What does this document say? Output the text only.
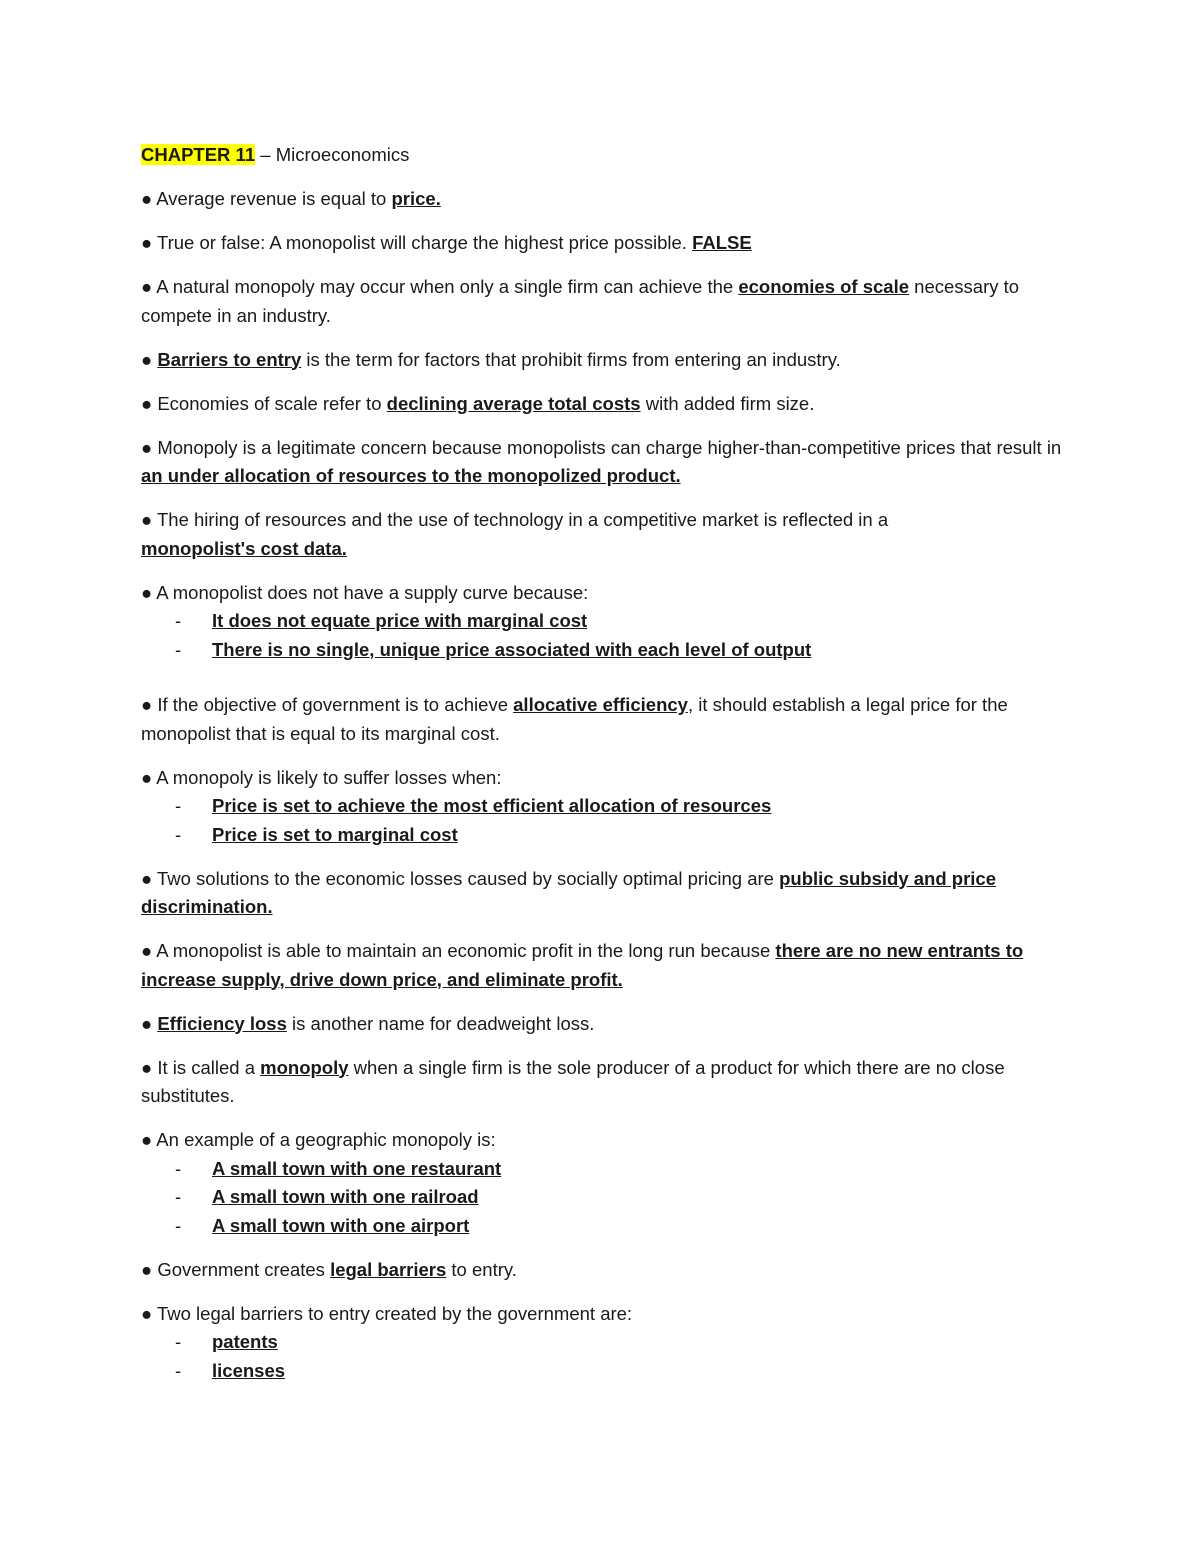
CHAPTER 11 – Microeconomics

● Average revenue is equal to price.

● True or false: A monopolist will charge the highest price possible. FALSE

● A natural monopoly may occur when only a single firm can achieve the economies of scale necessary to compete in an industry.

● Barriers to entry is the term for factors that prohibit firms from entering an industry.

● Economies of scale refer to declining average total costs with added firm size.

● Monopoly is a legitimate concern because monopolists can charge higher-than-competitive prices that result in an under allocation of resources to the monopolized product.

● The hiring of resources and the use of technology in a competitive market is reflected in a
monopolist's cost data.

● A monopolist does not have a supply curve because:

- It does not equate price with marginal cost
- There is no single, unique price associated with each level of output

● If the objective of government is to achieve allocative efficiency, it should establish a legal price for the monopolist that is equal to its marginal cost.

● A monopoly is likely to suffer losses when:

- Price is set to achieve the most efficient allocation of resources
- Price is set to marginal cost

● Two solutions to the economic losses caused by socially optimal pricing are public subsidy and price discrimination.

● A monopolist is able to maintain an economic profit in the long run because there are no new entrants to increase supply, drive down price, and eliminate profit.

● Efficiency loss is another name for deadweight loss.

● It is called a monopoly when a single firm is the sole producer of a product for which there are no close substitutes.

● An example of a geographic monopoly is:

- A small town with one restaurant
- A small town with one railroad
- A small town with one airport

● Government creates legal barriers to entry.

● Two legal barriers to entry created by the government are:

- patents
- licenses
